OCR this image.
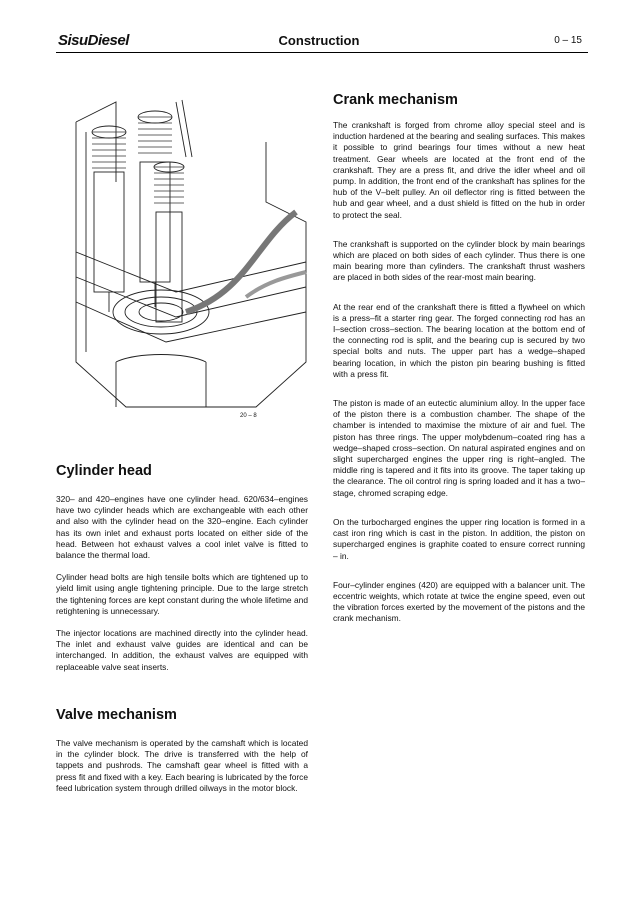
SisuDiesel	Construction	0 – 15
20 – 8
Cylinder head

320– and 420–engines have one cylinder head. 620/634–engines have two cylinder heads which are exchangeable with each other and also with the cylinder head on the 320–engine. Each cylinder has its own inlet and exhaust ports located on either side of the head. Between hot exhaust valves a cool inlet valve is fitted to balance the thermal load.

Cylinder head bolts are high tensile bolts which are tightened up to yield limit using angle tightening principle. Due to the large stretch the tightening forces are kept constant during the whole lifetime and retightening is unnecessary.

The injector locations are machined directly into the cylinder head. The inlet and exhaust valve guides are identical and can be interchanged. In addition, the exhaust valves are equipped with replaceable valve seat inserts.

Valve mechanism

The valve mechanism is operated by the camshaft which is located in the cylinder block. The drive is transferred with the help of tappets and pushrods. The camshaft gear wheel is fitted with a press fit and fixed with a key. Each bearing is lubricated by the force feed lubrication system through drilled oilways in the motor block.

Crank mechanism

The crankshaft is forged from chrome alloy special steel and is induction hardened at the bearing and sealing surfaces. This makes it possible to grind bearings four times without a new heat treatment. Gear wheels are located at the front end of the crankshaft. They are a press fit, and drive the idler wheel and oil pump. In addition, the front end of the crankshaft has splines for the hub of the V–belt pulley. An oil deflector ring is fitted between the hub and gear wheel, and a dust shield is fitted on the hub in order to protect the seal.

The crankshaft is supported on the cylinder block by main bearings which are placed on both sides of each cylinder. Thus there is one main bearing more than cylinders. The crankshaft thrust washers are placed in both sides of the rear-most main bearing.

At the rear end of the crankshaft there is fitted a flywheel on which is a press–fit a starter ring gear. The forged connecting rod has an I–section cross–section. The bearing location at the bottom end of the connecting rod is split, and the bearing cup is secured by two special bolts and nuts. The upper part has a wedge–shaped bearing location, in which the piston pin bearing bushing is fitted with a press fit.

The piston is made of an eutectic aluminium alloy. In the upper face of the piston there is a combustion chamber. The shape of the chamber is intended to maximise the mixture of air and fuel. The piston has three rings. The upper molybdenum–coated ring has a wedge–shaped cross–section. On natural aspirated engines and on slight supercharged engines the upper ring is right–angled. The middle ring is tapered and it fits into its groove. The taper taking up the clearance. The oil control ring is spring loaded and it has a two–stage, chromed scraping edge.

On the turbocharged engines the upper ring location is formed in a cast iron ring which is cast in the piston. In addition, the piston on supercharged engines is graphite coated to ensure correct running – in.

Four–cylinder engines (420) are equipped with a balancer unit. The eccentric weights, which rotate at twice the engine speed, even out the vibration forces exerted by the movement of the pistons and the crank mechanism.
